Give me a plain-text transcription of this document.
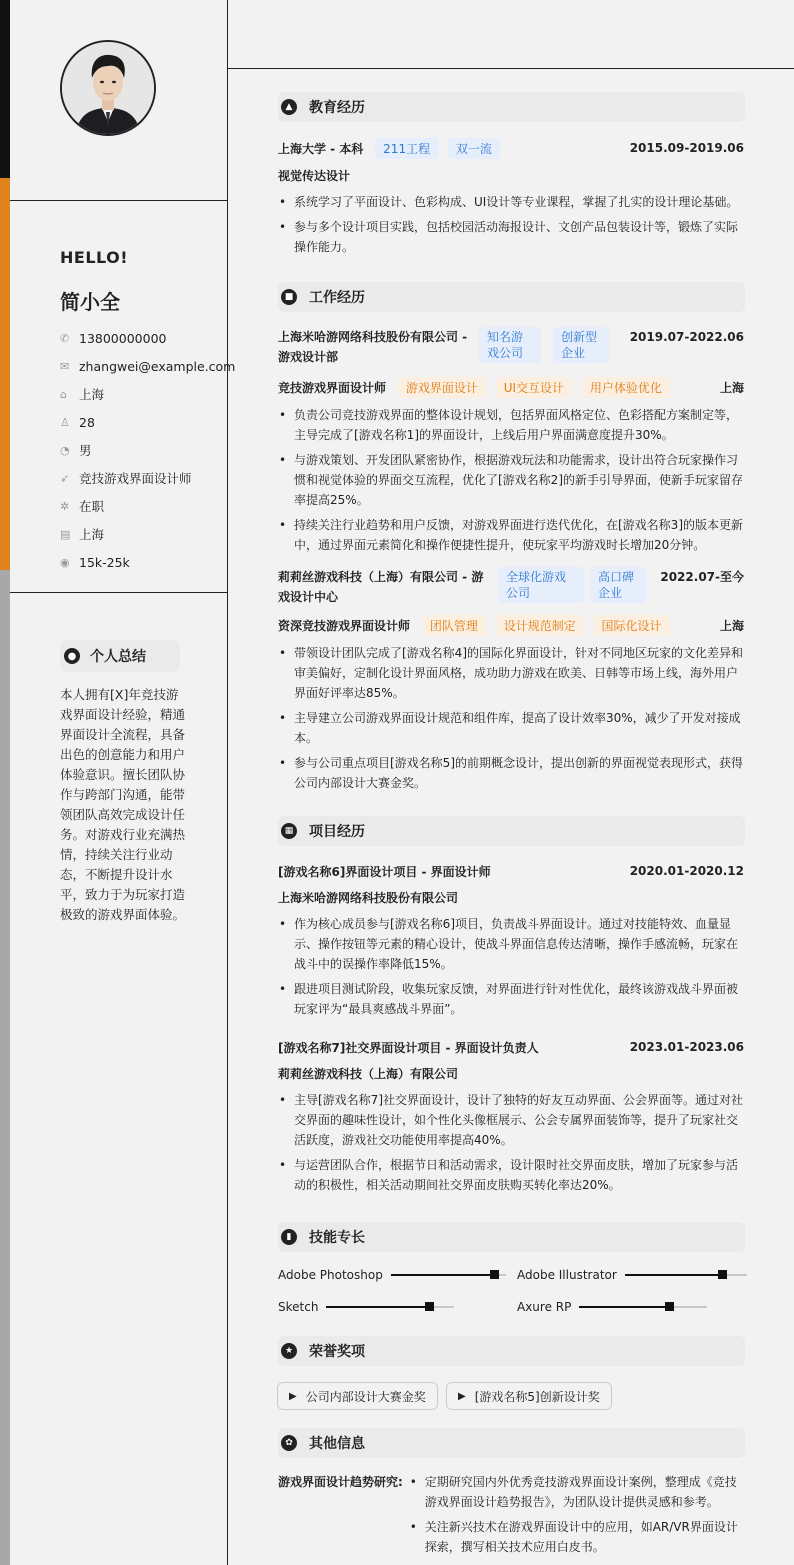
HELLO!
简小全
✆ 13800000000
✉ zhangwei@example.com
⌂ 上海
♙ 28
◔ 男
➶ 竞技游戏界面设计师
✲ 在职
▤ 上海
◉ 15k-25k
● 个人总结
本人拥有[X]年竞技游戏界面设计经验，精通界面设计全流程，具备出色的创意能力和用户体验意识。擅长团队协作与跨部门沟通，能带领团队高效完成设计任务。对游戏行业充满热情，持续关注行业动态，不断提升设计水平，致力于为玩家打造极致的游戏界面体验。
▲	教育经历
上海大学 - 本科 211工程 双一流	2015.09-2019.06
视觉传达设计
• 系统学习了平面设计、色彩构成、UI设计等专业课程，掌握了扎实的设计理论基础。
• 参与多个设计项目实践，包括校园活动海报设计、文创产品包装设计等，锻炼了实际操作能力。
■ 工作经历
上海米哈游网络科技股份有限公司 - 游戏设计部
知名游戏公司
创新型企业
2019.07-2022.06
竞技游戏界面设计师 游戏界面设计 UI交互设计 用户体验优化	上海
• 负责公司竞技游戏界面的整体设计规划，包括界面风格定位、色彩搭配方案制定等，主导完成了[游戏名称1]的界面设计，上线后用户界面满意度提升30%。
• 与游戏策划、开发团队紧密协作，根据游戏玩法和功能需求，设计出符合玩家操作习惯和视觉体验的界面交互流程，优化了[游戏名称2]的新手引导界面，使新手玩家留存率提高25%。
• 持续关注行业趋势和用户反馈，对游戏界面进行迭代优化，在[游戏名称3]的版本更新中，通过界面元素简化和操作便捷性提升，使玩家平均游戏时长增加20分钟。
莉莉丝游戏科技（上海）有限公司 - 游戏设计中心
全球化游戏公司
高口碑企业
2022.07-至今
资深竞技游戏界面设计师 团队管理 设计规范制定 国际化设计	上海
• 带领设计团队完成了[游戏名称4]的国际化界面设计，针对不同地区玩家的文化差异和审美偏好，定制化设计界面风格，成功助力游戏在欧美、日韩等市场上线，海外用户界面好评率达85%。
• 主导建立公司游戏界面设计规范和组件库，提高了设计效率30%，减少了开发对接成本。
• 参与公司重点项目[游戏名称5]的前期概念设计，提出创新的界面视觉表现形式，获得公司内部设计大赛金奖。
▦ 项目经历
[游戏名称6]界面设计项目 - 界面设计师	2020.01-2020.12
上海米哈游网络科技股份有限公司
• 作为核心成员参与[游戏名称6]项目，负责战斗界面设计。通过对技能特效、血量显示、操作按钮等元素的精心设计，使战斗界面信息传达清晰，操作手感流畅，玩家在战斗中的误操作率降低15%。
• 跟进项目测试阶段，收集玩家反馈，对界面进行针对性优化，最终该游戏战斗界面被玩家评为“最具爽感战斗界面”。
[游戏名称7]社交界面设计项目 - 界面设计负责人	2023.01-2023.06
莉莉丝游戏科技（上海）有限公司
• 主导[游戏名称7]社交界面设计，设计了独特的好友互动界面、公会界面等。通过对社交界面的趣味性设计，如个性化头像框展示、公会专属界面装饰等，提升了玩家社交活跃度，游戏社交功能使用率提高40%。
• 与运营团队合作，根据节日和活动需求，设计限时社交界面皮肤，增加了玩家参与活动的积极性，相关活动期间社交界面皮肤购买转化率达20%。
▮	技能专长
Adobe Photoshop	Adobe Illustrator
Sketch	Axure RP
★ 荣誉奖项
▶ 公司内部设计大赛金奖	▶ [游戏名称5]创新设计奖
✿	其他信息
游戏界面设计趋势研究:
•	定期研究国内外优秀竞技游戏界面设计案例，整理成《竞技游戏界面设计趋势报告》，为团队设计提供灵感和参考。
• 关注新兴技术在游戏界面设计中的应用，如AR/VR界面设计探索，撰写相关技术应用白皮书。
